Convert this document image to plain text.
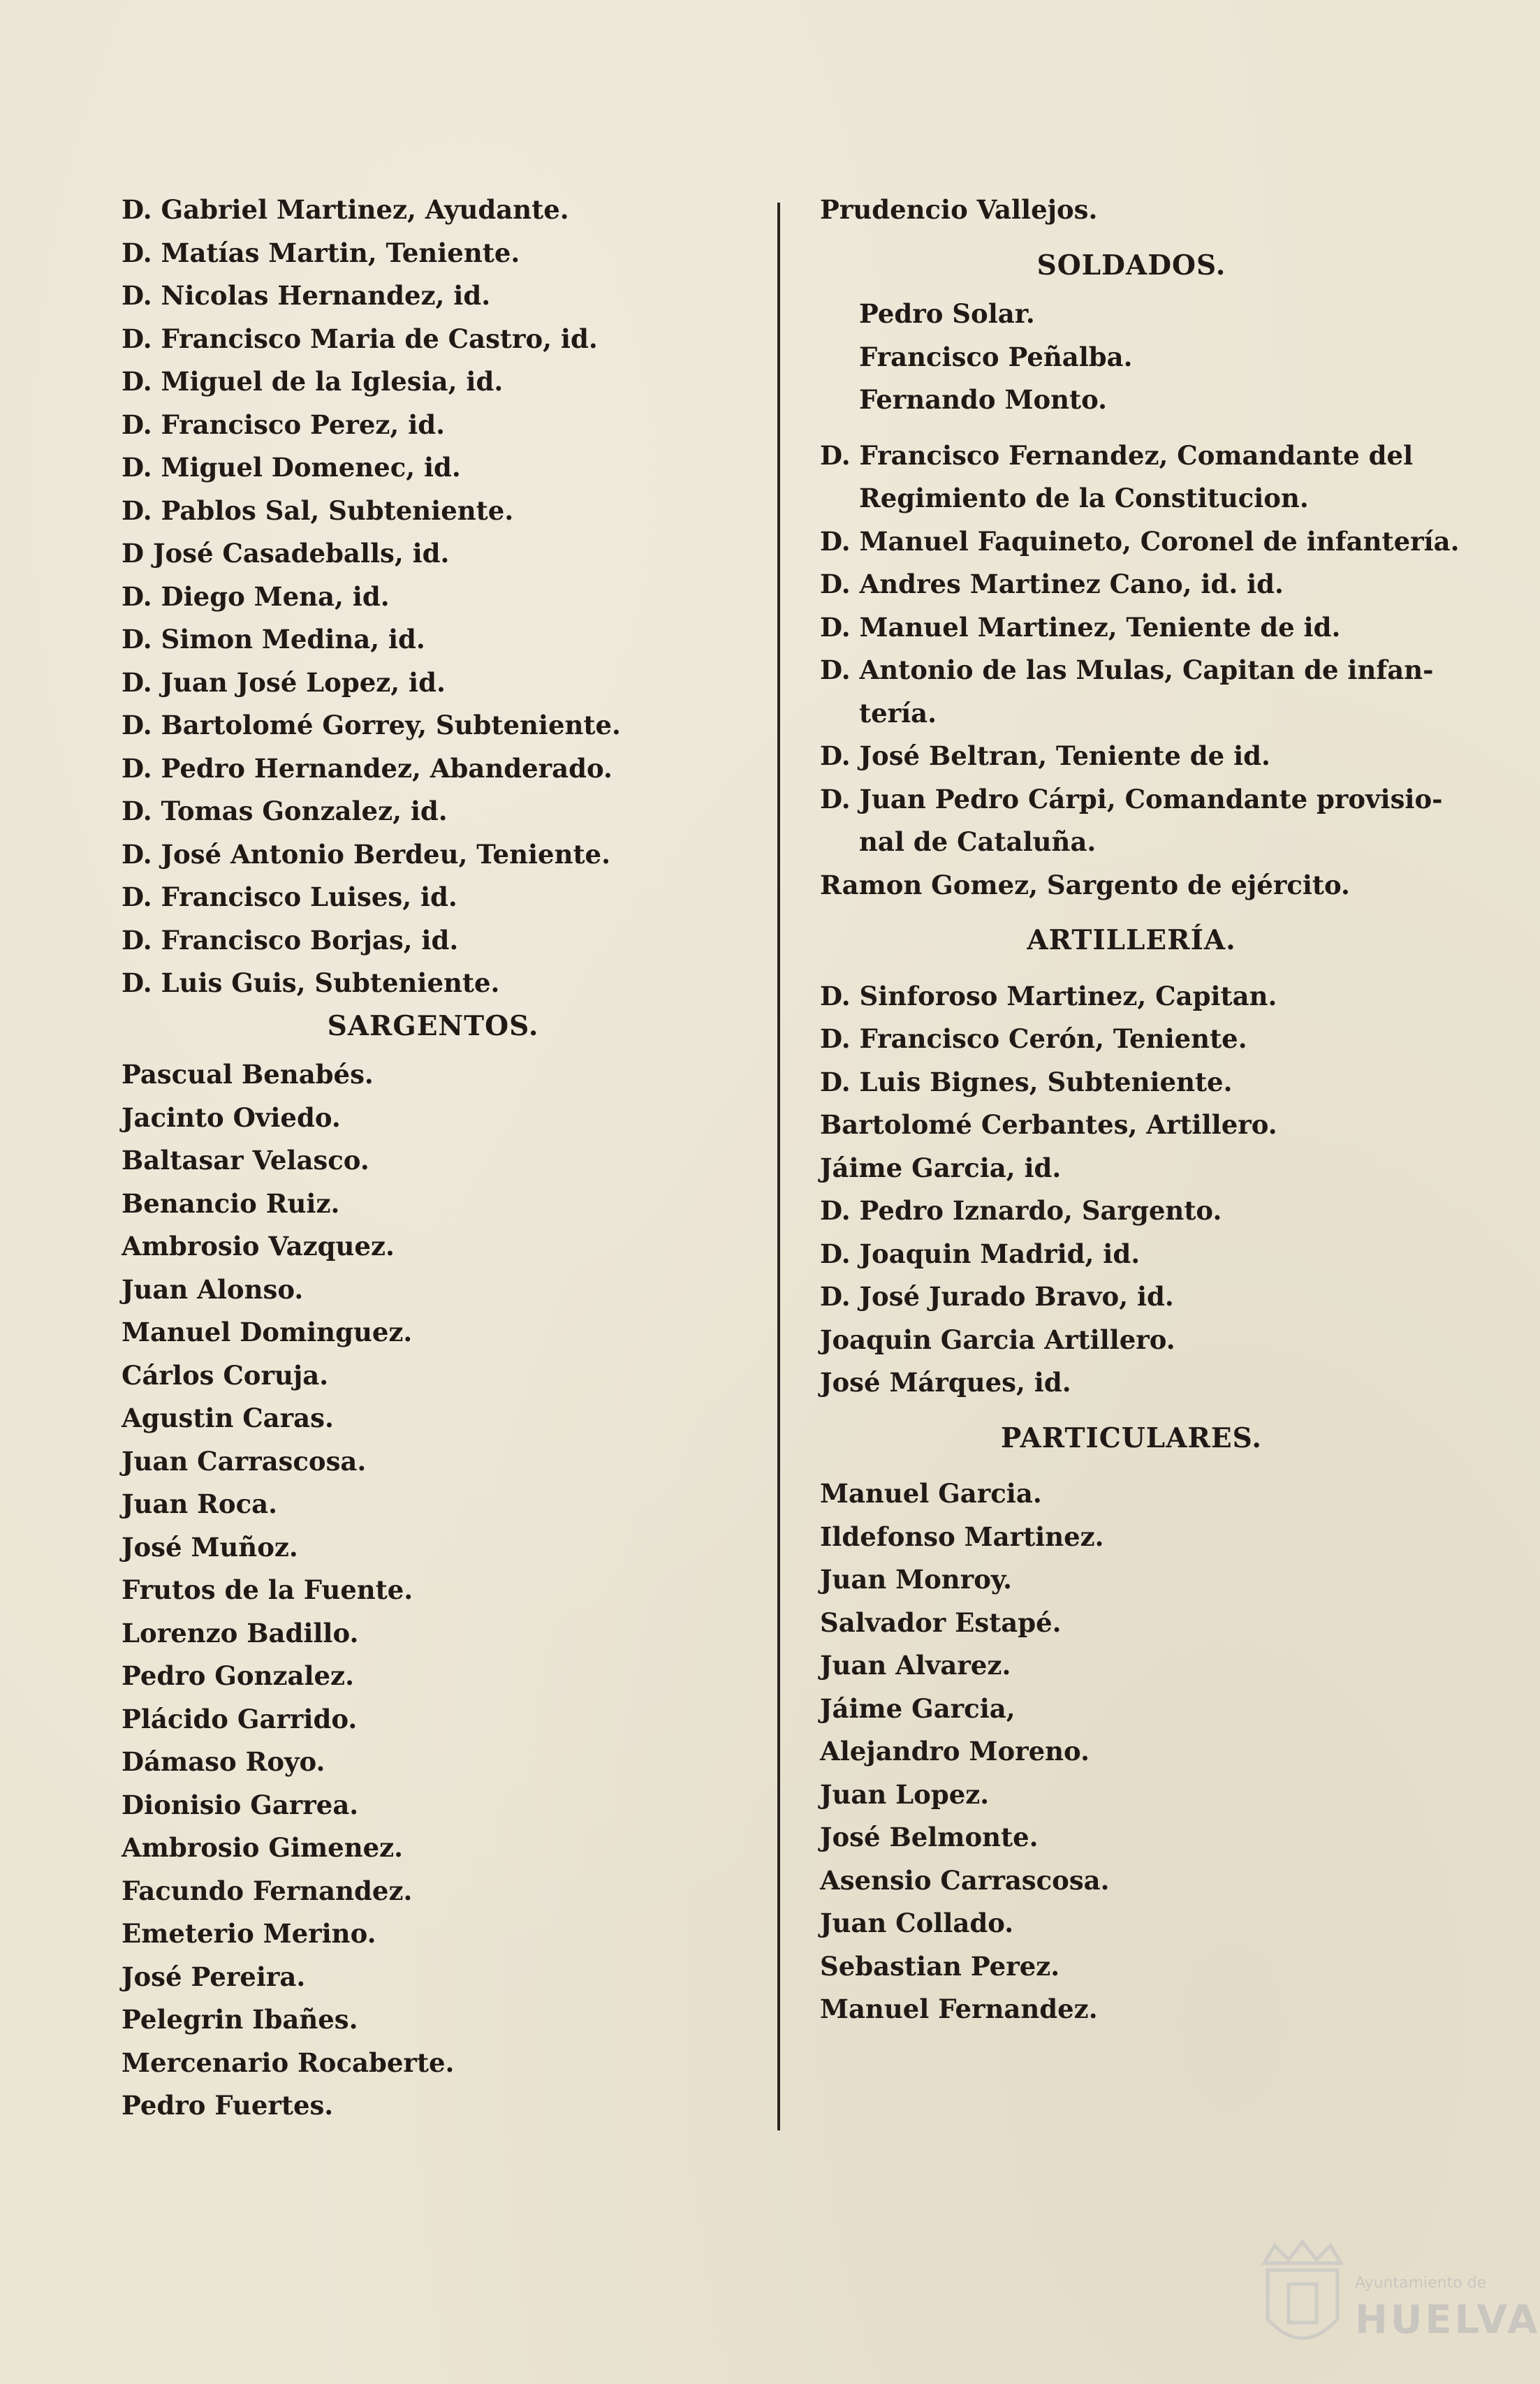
D. Gabriel Martinez, Ayudante.
D. Matías Martin, Teniente.
D. Nicolas Hernandez, id.
D. Francisco Maria de Castro, id.
D. Miguel de la Iglesia, id.
D. Francisco Perez, id.
D. Miguel Domenec, id.
D. Pablos Sal, Subteniente.
D José Casadeballs, id.
D. Diego Mena, id.
D. Simon Medina, id.
D. Juan José Lopez, id.
D. Bartolomé Gorrey, Subteniente.
D. Pedro Hernandez, Abanderado.
D. Tomas Gonzalez, id.
D. José Antonio Berdeu, Teniente.
D. Francisco Luises, id.
D. Francisco Borjas, id.
D. Luis Guis, Subteniente.
SARGENTOS.
Pascual Benabés.
Jacinto Oviedo.
Baltasar Velasco.
Benancio Ruiz.
Ambrosio Vazquez.
Juan Alonso.
Manuel Dominguez.
Cárlos Coruja.
Agustin Caras.
Juan Carrascosa.
Juan Roca.
José Muñoz.
Frutos de la Fuente.
Lorenzo Badillo.
Pedro Gonzalez.
Plácido Garrido.
Dámaso Royo.
Dionisio Garrea.
Ambrosio Gimenez.
Facundo Fernandez.
Emeterio Merino.
José Pereira.
Pelegrin Ibañes.
Mercenario Rocaberte.
Pedro Fuertes.
Prudencio Vallejos.
SOLDADOS.
Pedro Solar.
Francisco Peñalba.
Fernando Monto.
D. Francisco Fernandez, Comandante del
Regimiento de la Constitucion.
D. Manuel Faquineto, Coronel de infantería.
D. Andres Martinez Cano, id. id.
D. Manuel Martinez, Teniente de id.
D. Antonio de las Mulas, Capitan de infan-
tería.
D. José Beltran, Teniente de id.
D. Juan Pedro Cárpi, Comandante provisio-
nal de Cataluña.
Ramon Gomez, Sargento de ejército.
ARTILLERÍA.
D. Sinforoso Martinez, Capitan.
D. Francisco Cerón, Teniente.
D. Luis Bignes, Subteniente.
Bartolomé Cerbantes, Artillero.
Jáime Garcia, id.
D. Pedro Iznardo, Sargento.
D. Joaquin Madrid, id.
D. José Jurado Bravo, id.
Joaquin Garcia Artillero.
José Márques, id.
PARTICULARES.
Manuel Garcia.
Ildefonso Martinez.
Juan Monroy.
Salvador Estapé.
Juan Alvarez.
Jáime Garcia,
Alejandro Moreno.
Juan Lopez.
José Belmonte.
Asensio Carrascosa.
Juan Collado.
Sebastian Perez.
Manuel Fernandez.
Ayuntamiento de
HUELVA
